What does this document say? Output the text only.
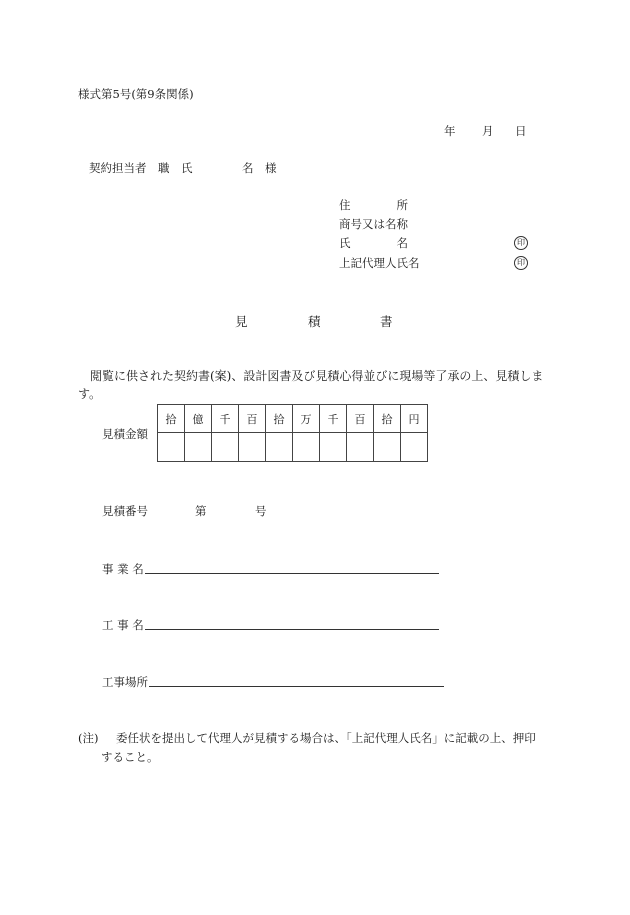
様式第5号(第9条関係)
年 月 日
契約担当者　職　氏	名 様
住　　　　所
商号又は名称
氏　　　　名	印
上記代理人氏名	印
見	積	書
　閲覧に供された契約書(案)、設計図書及び見積心得並びに現場等了承の上、見積しま
す。
見積金額
拾	億	千	百	拾	万	千	百	拾	円

見積番号	第	号
事 業 名
工 事 名
工事場所
(注) 委任状を提出して代理人が見積する場合は、「上記代理人氏名」に記載の上、押印
すること。
